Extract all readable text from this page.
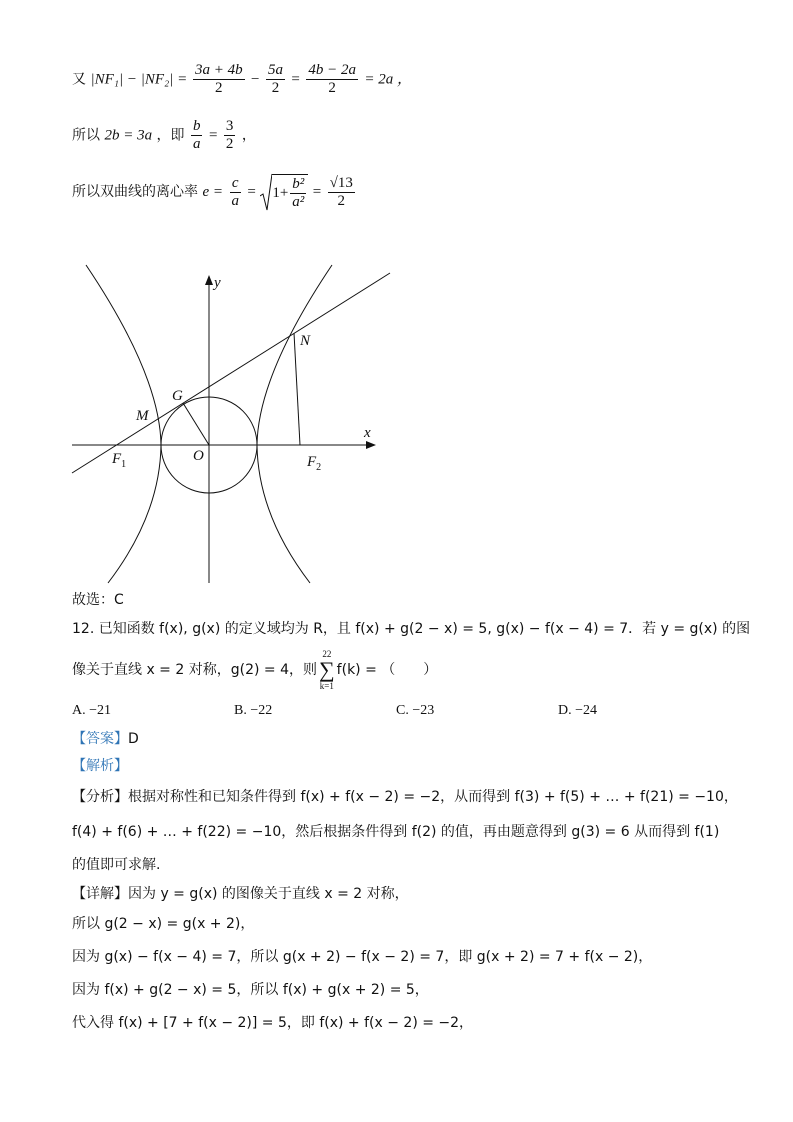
又 $|NF_1| - |NF_2| = \frac{3a + 4b}{2} - \frac{5a}{2} = \frac{4b - 2a}{2} = 2a$ ，
所以 2b = 3a ，即 $\frac{b}{a} = \frac{3}{2}$ ，
所以双曲线的离心率 $e = \frac{c}{a} = 1+ \frac{\text{b²}}{\text{a²}} = \frac{√13}{2}$
y
x
N
G
M
O
$F_1$	$F_2$
故选：C
12. 已知函数 f(x), g(x) 的定义域均为 R，且 f(x) + g(2 − x) = 5, g(x) − f(x − 4) = 7．若 y = g(x) 的图
像关于直线 x = 2 对称，g(2) = 4，则
22
∑
k=1
f(k) = （　　）
A. −21	B. −22	C. −23	D. −24
【答案】D
【解析】
【分析】根据对称性和已知条件得到 f(x) + f(x − 2) = −2，从而得到 f(3) + f(5) + … + f(21) = −10，
f(4) + f(6) + … + f(22) = −10，然后根据条件得到 f(2) 的值，再由题意得到 g(3) = 6 从而得到 f(1)
的值即可求解.
【详解】因为 y = g(x) 的图像关于直线 x = 2 对称，
所以 g(2 − x) = g(x + 2)，
因为 g(x) − f(x − 4) = 7，所以 g(x + 2) − f(x − 2) = 7，即 g(x + 2) = 7 + f(x − 2)，
因为 f(x) + g(2 − x) = 5，所以 f(x) + g(x + 2) = 5，
代入得 f(x) + [7 + f(x − 2)] = 5，即 f(x) + f(x − 2) = −2，
